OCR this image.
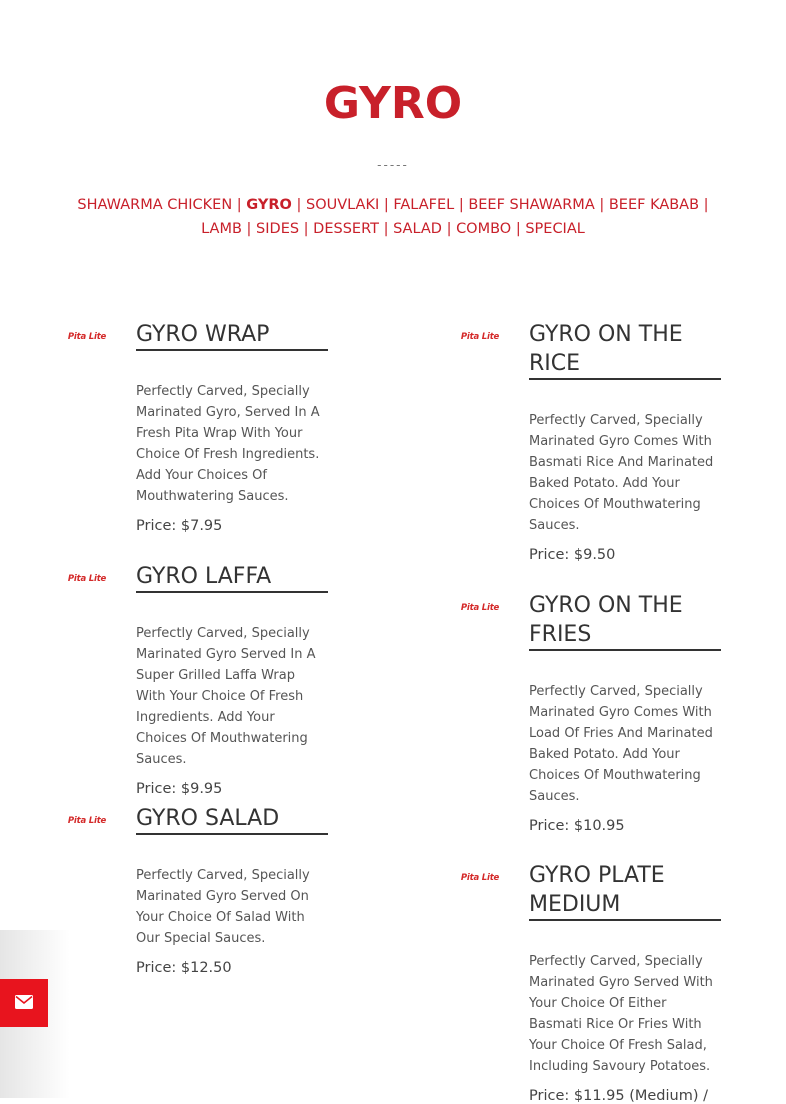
GYRO
-----
SHAWARMA CHICKEN | GYRO | SOUVLAKI | FALAFEL | BEEF SHAWARMA | BEEF KABAB | LAMB | SIDES | DESSERT | SALAD | COMBO | SPECIAL
Pita Lite GYRO WRAP
Perfectly Carved, Specially Marinated Gyro, Served In A Fresh Pita Wrap With Your Choice Of Fresh Ingredients. Add Your Choices Of Mouthwatering Sauces.
Price: $7.95
Pita Lite GYRO LAFFA
Perfectly Carved, Specially Marinated Gyro Served In A Super Grilled Laffa Wrap With Your Choice Of Fresh Ingredients. Add Your Choices Of Mouthwatering Sauces.
Price: $9.95
Pita Lite GYRO SALAD
Perfectly Carved, Specially Marinated Gyro Served On Your Choice Of Salad With Our Special Sauces.
Price: $12.50
Pita Lite GYRO ON THE RICE
Perfectly Carved, Specially Marinated Gyro Comes With Basmati Rice And Marinated Baked Potato. Add Your Choices Of Mouthwatering Sauces.
Price: $9.50
Pita Lite GYRO ON THE FRIES
Perfectly Carved, Specially Marinated Gyro Comes With Load Of Fries And Marinated Baked Potato. Add Your Choices Of Mouthwatering Sauces.
Price: $10.95
Pita Lite GYRO PLATE MEDIUM
Perfectly Carved, Specially Marinated Gyro Served With Your Choice Of Either Basmati Rice Or Fries With Your Choice Of Fresh Salad, Including Savoury Potatoes.
Price: $11.95 (Medium) /
